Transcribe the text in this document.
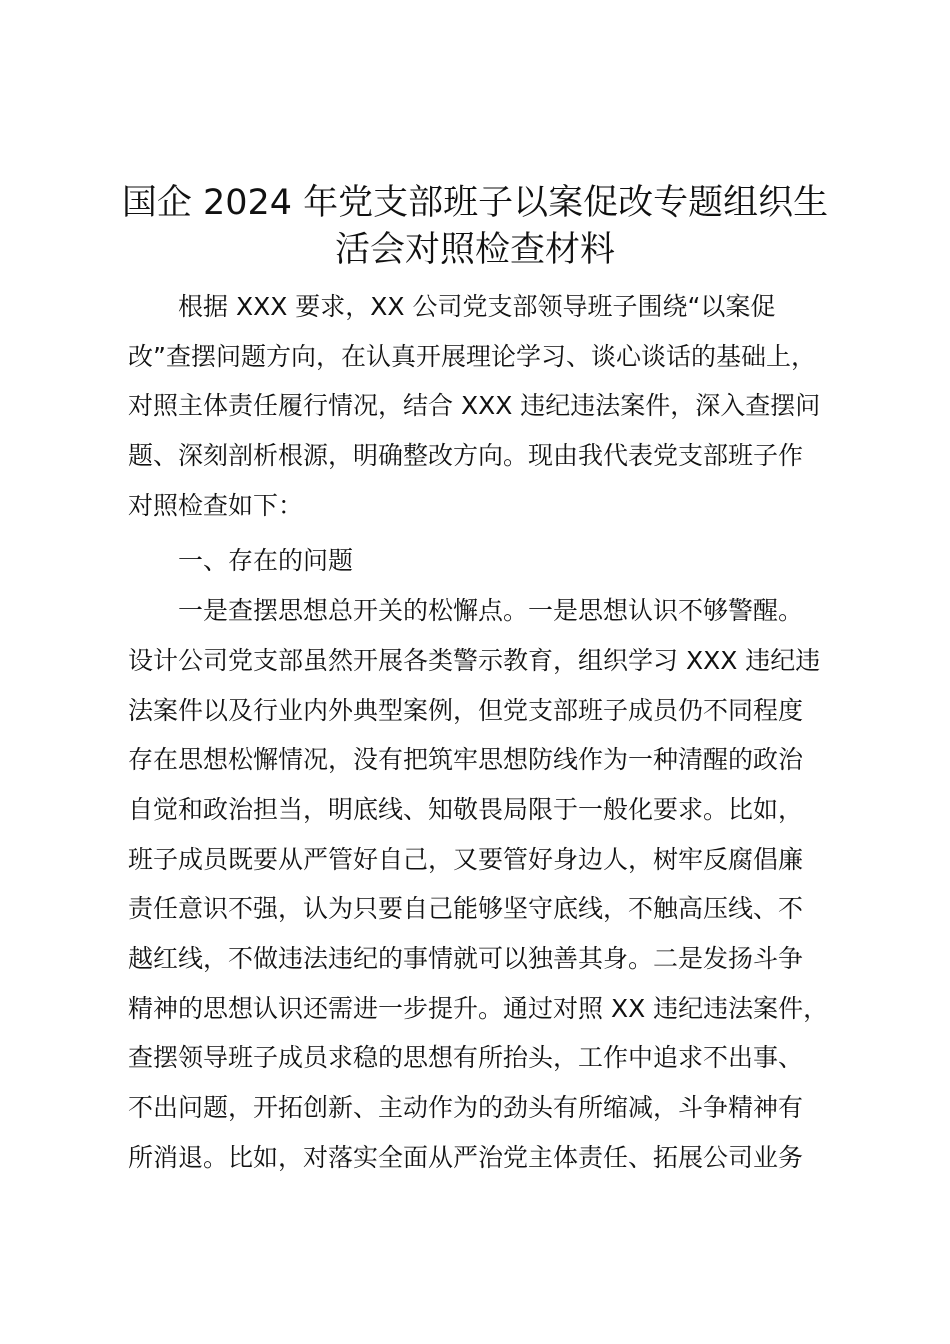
国企 2024 年党支部班子以案促改专题组织生
活会对照检查材料
根据 XXX 要求，XX 公司党支部领导班子围绕“以案促
改”查摆问题方向，在认真开展理论学习、谈心谈话的基础上，
对照主体责任履行情况，结合 XXX 违纪违法案件，深入查摆问
题、深刻剖析根源，明确整改方向。现由我代表党支部班子作
对照检查如下：
一、存在的问题
一是查摆思想总开关的松懈点。一是思想认识不够警醒。
设计公司党支部虽然开展各类警示教育，组织学习 XXX 违纪违
法案件以及行业内外典型案例，但党支部班子成员仍不同程度
存在思想松懈情况，没有把筑牢思想防线作为一种清醒的政治
自觉和政治担当，明底线、知敬畏局限于一般化要求。比如，
班子成员既要从严管好自己，又要管好身边人，树牢反腐倡廉
责任意识不强，认为只要自己能够坚守底线，不触高压线、不
越红线，不做违法违纪的事情就可以独善其身。二是发扬斗争
精神的思想认识还需进一步提升。通过对照 XX 违纪违法案件，
查摆领导班子成员求稳的思想有所抬头，工作中追求不出事、
不出问题，开拓创新、主动作为的劲头有所缩减，斗争精神有
所消退。比如，对落实全面从严治党主体责任、拓展公司业务
